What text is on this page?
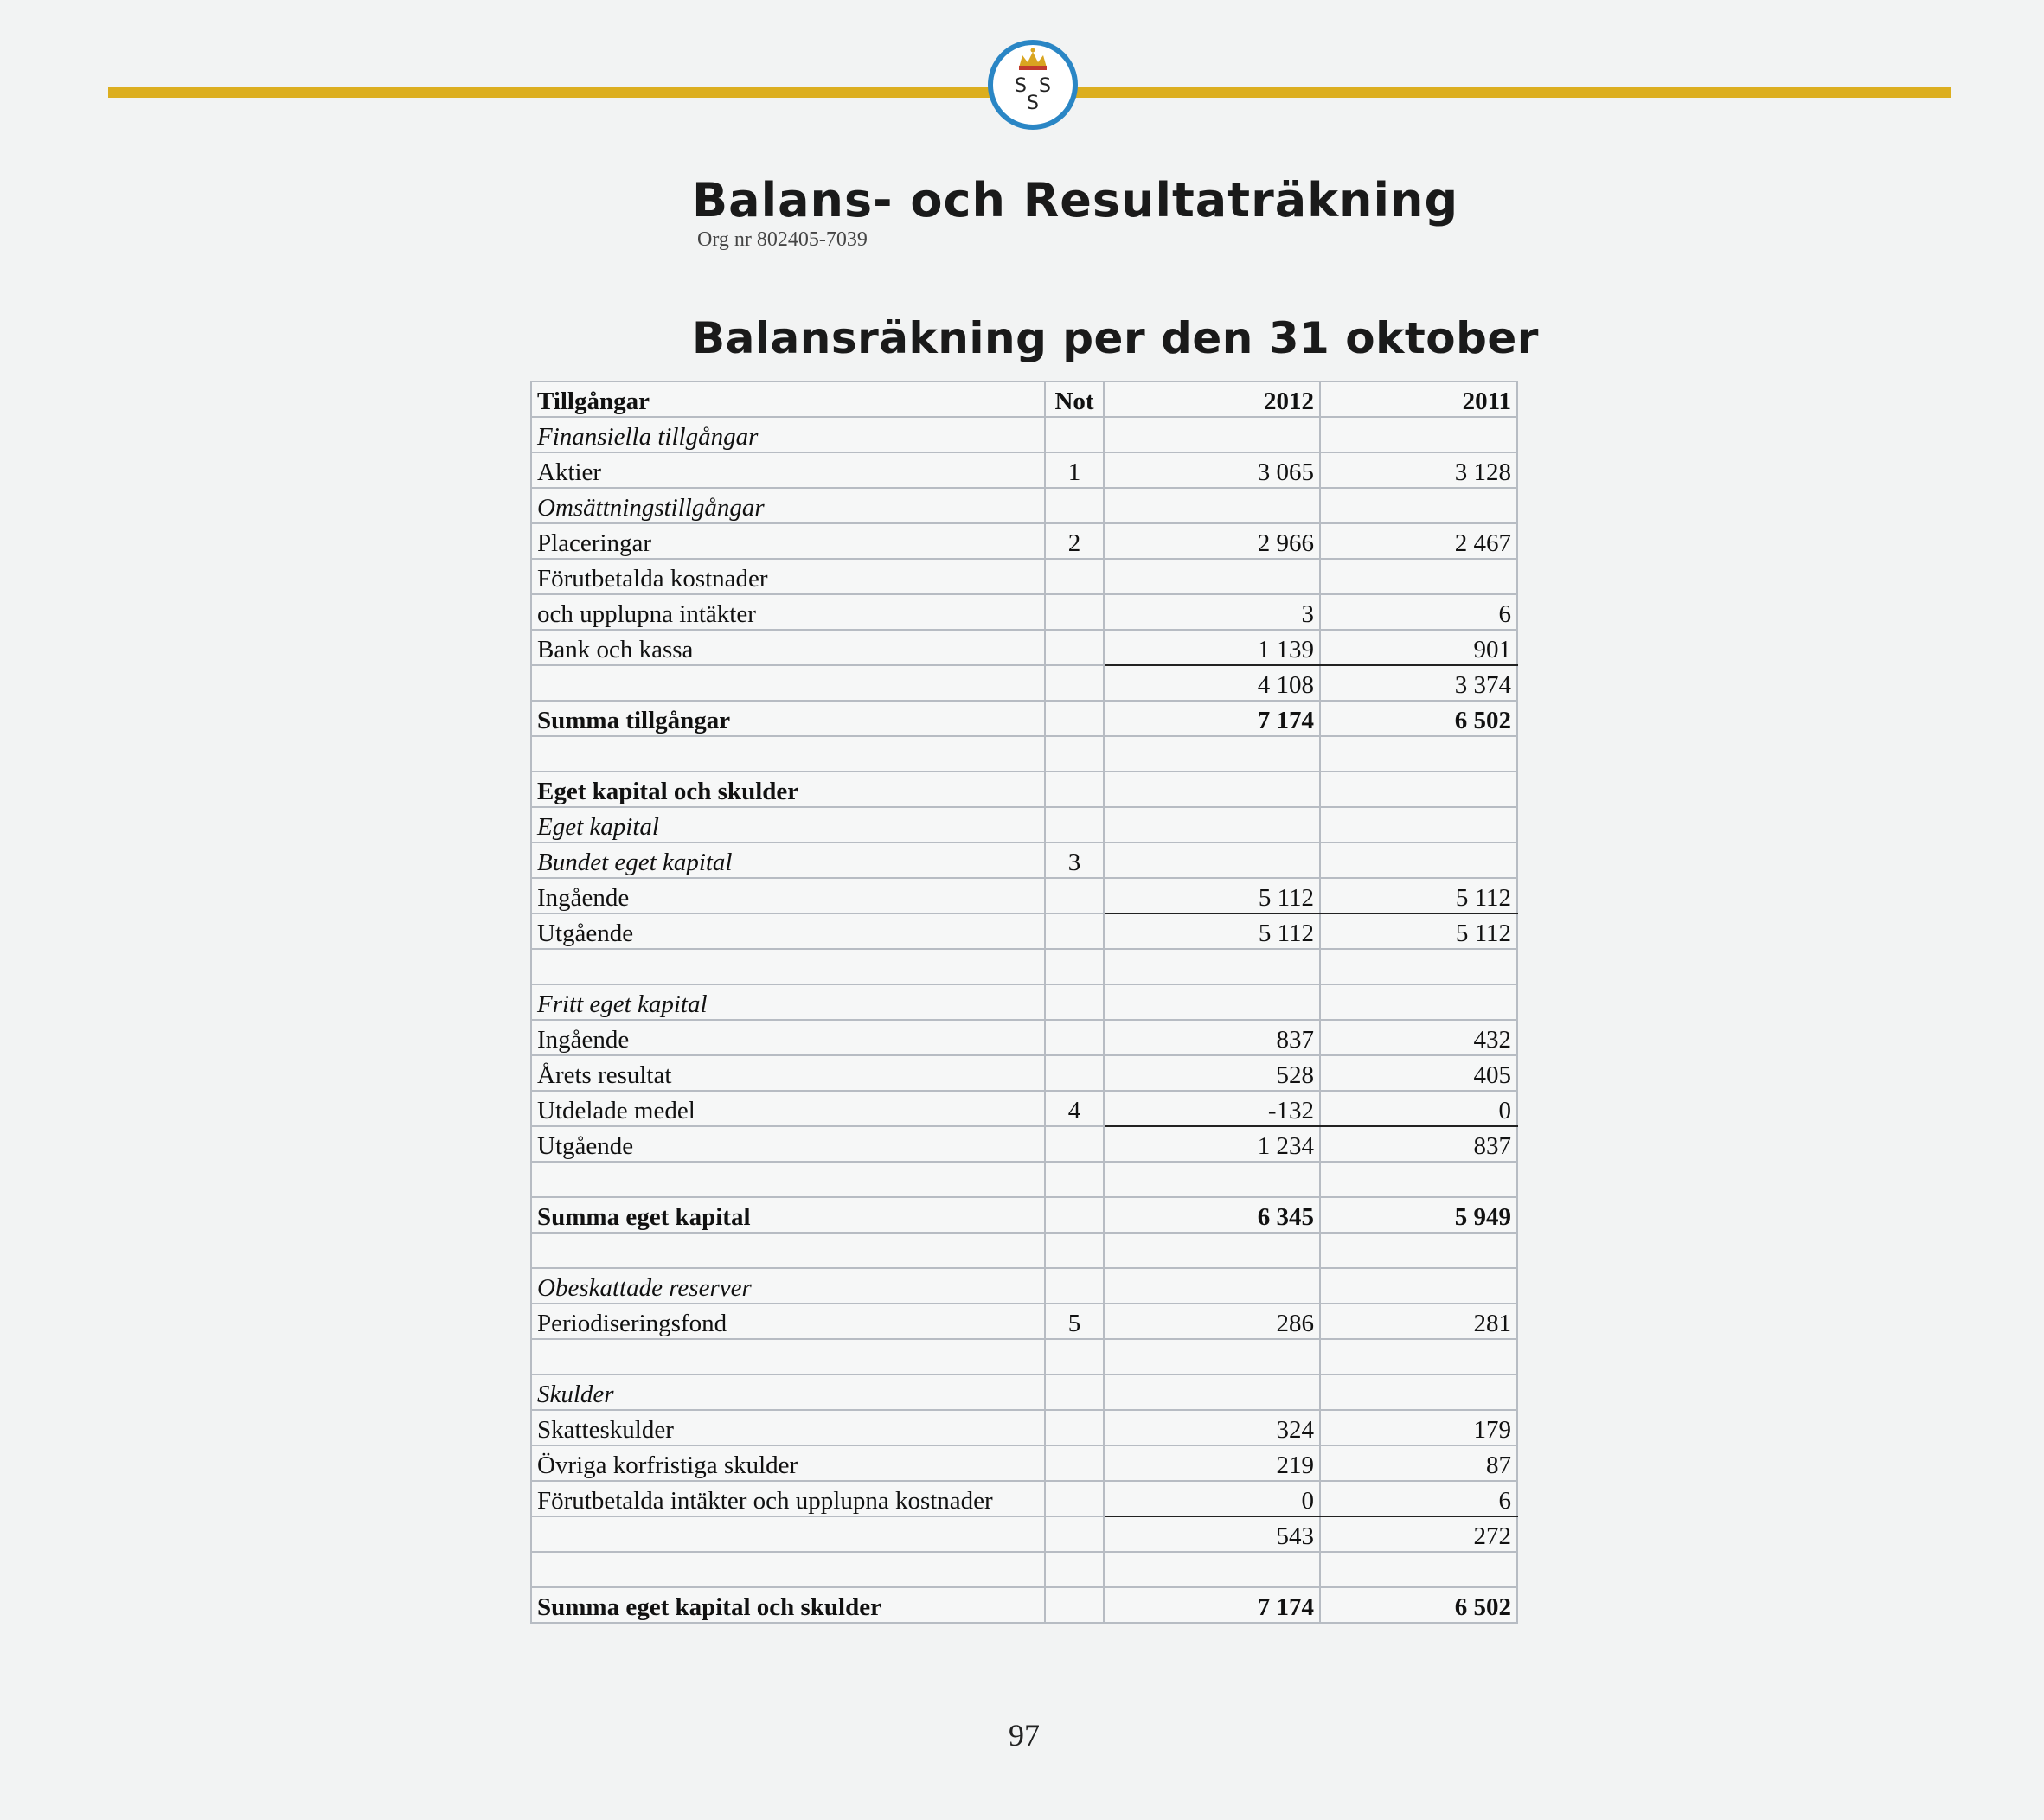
S S
S
Balans- och Resultaträkning
Org nr 802405-7039
Balansräkning per den 31 oktober
Tillgångar	Not	2012	2011
Finansiella tillgångar			
Aktier	1	3 065	3 128
Omsättningstillgångar			
Placeringar	2	2 966	2 467
Förutbetalda kostnader			
och upplupna intäkter		3	6
Bank och kassa		1 139	901
		4 108	3 374
Summa tillgångar		7 174	6 502

Eget kapital och skulder			
Eget kapital			
Bundet eget kapital	3		
Ingående		5 112	5 112
Utgående		5 112	5 112

Fritt eget kapital			
Ingående		837	432
Årets resultat		528	405
Utdelade medel	4	-132	0
Utgående		1 234	837

Summa eget kapital		6 345	5 949

Obeskattade reserver			
Periodiseringsfond	5	286	281

Skulder			
Skatteskulder		324	179
Övriga korfristiga skulder		219	87
Förutbetalda intäkter och upplupna kostnader		0	6
		543	272

Summa eget kapital och skulder		7 174	6 502
97
